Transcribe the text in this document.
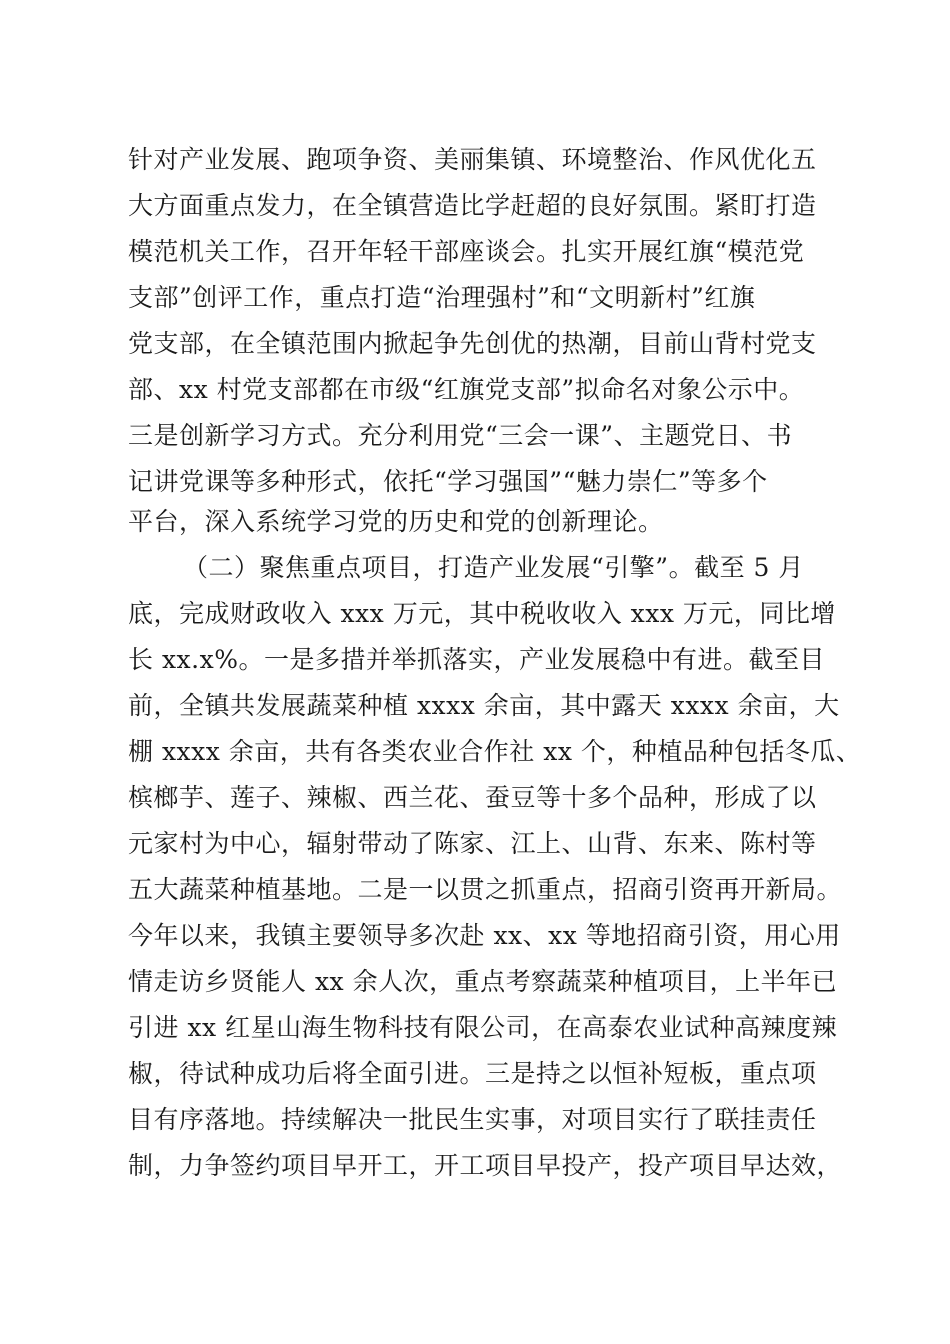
针对产业发展、跑项争资、美丽集镇、环境整治、作风优化五
大方面重点发力，在全镇营造比学赶超的良好氛围。紧盯打造
模范机关工作，召开年轻干部座谈会。扎实开展红旗“模范党
支部”创评工作，重点打造“治理强村”和“文明新村”红旗
党支部，在全镇范围内掀起争先创优的热潮，目前山背村党支
部、xx 村党支部都在市级“红旗党支部”拟命名对象公示中。
三是创新学习方式。充分利用党“三会一课”、主题党日、书
记讲党课等多种形式，依托“学习强国”“魅力崇仁”等多个
平台，深入系统学习党的历史和党的创新理论。
（二）聚焦重点项目，打造产业发展“引擎”。截至 5 月
底，完成财政收入 xxx 万元，其中税收收入 xxx 万元，同比增
长 xx.x%。一是多措并举抓落实，产业发展稳中有进。截至目
前，全镇共发展蔬菜种植 xxxx 余亩，其中露天 xxxx 余亩，大
棚 xxxx 余亩，共有各类农业合作社 xx 个，种植品种包括冬瓜、
槟榔芋、莲子、辣椒、西兰花、蚕豆等十多个品种，形成了以
元家村为中心，辐射带动了陈家、江上、山背、东来、陈村等
五大蔬菜种植基地。二是一以贯之抓重点，招商引资再开新局。
今年以来，我镇主要领导多次赴 xx、xx 等地招商引资，用心用
情走访乡贤能人 xx 余人次，重点考察蔬菜种植项目，上半年已
引进 xx 红星山海生物科技有限公司，在高泰农业试种高辣度辣
椒，待试种成功后将全面引进。三是持之以恒补短板，重点项
目有序落地。持续解决一批民生实事，对项目实行了联挂责任
制，力争签约项目早开工，开工项目早投产，投产项目早达效，
